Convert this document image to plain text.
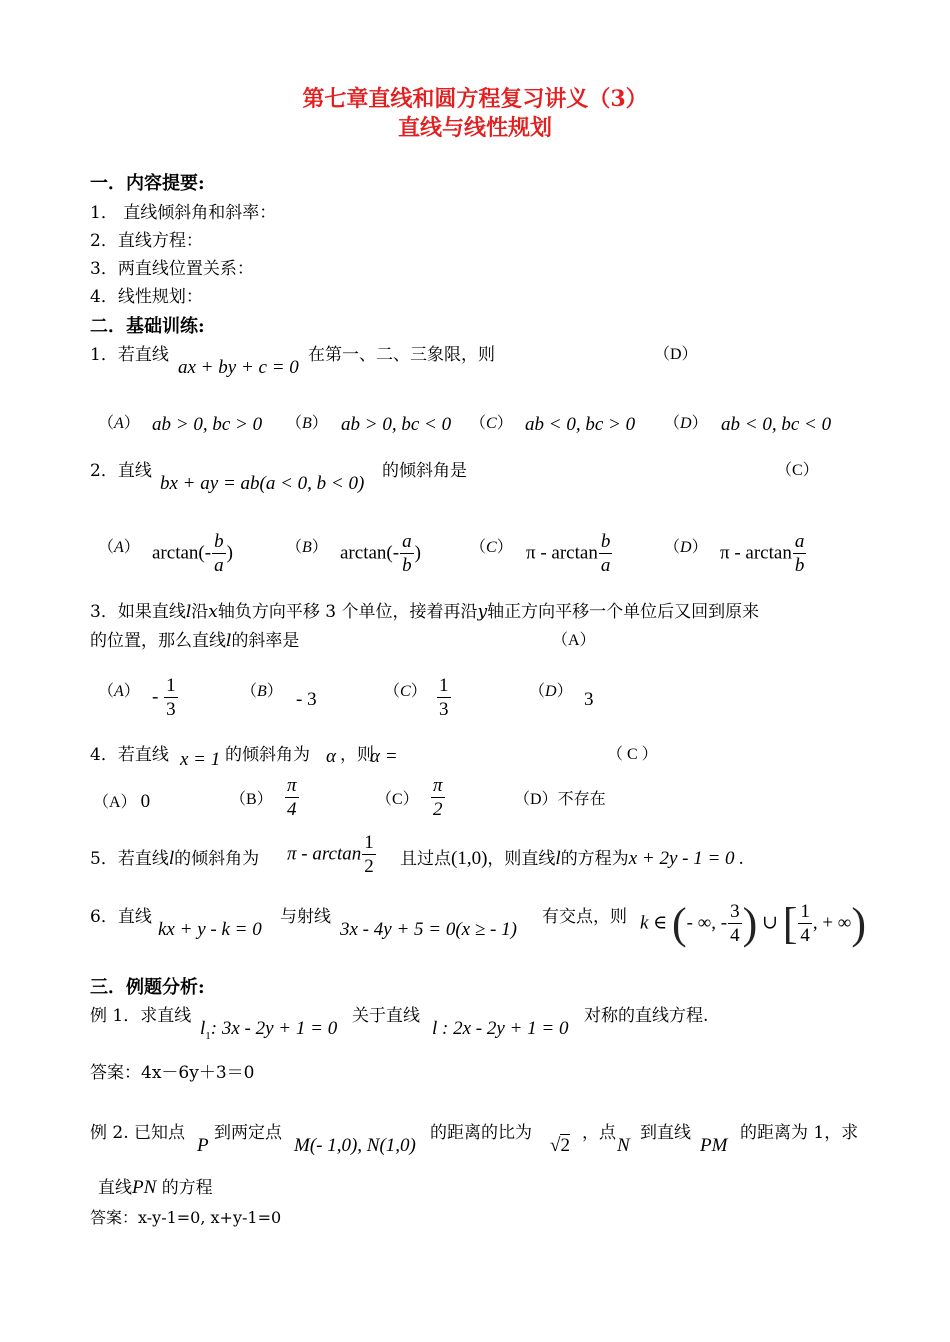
第七章直线和圆方程复习讲义（3）
直线与线性规划
一．内容提要:
1． 直线倾斜角和斜率：
2．直线方程：
3．两直线位置关系：
4．线性规划：
二．基础训练:
1．若直线
ax + by + c = 0
在第一、二、三象限，则	（D）
（A） ab > 0, bc > 0 （B） ab > 0, bc < 0 （C） ab < 0, bc > 0 （D） ab < 0, bc < 0
2．直线
bx + ay = ab(a < 0, b < 0)
的倾斜角是	（C）
（A） $\arctan(- \frac{b}{a}$ )	（B） $\arctan(- \frac{a}{b}$ )	（C） π - $\arctan \frac{b}{a}$	（D） π - $\arctan \frac{a}{b}$
3．如果直线l沿x轴负方向平移 3 个单位，接着再沿y轴正方向平移一个单位后又回到原来
的位置，那么直线l的斜率是	（A）
$(A) - \frac{1}{3}$	（B） - 3	$(C) \frac{1}{3}$	（D） 3
4．若直线 x = 1 的倾斜角为 α ，则
α =	（ C ）
（A） 0	$(B) \frac{\pi}{4}$	$(C) \frac{\pi}{2}$	（D）不存在
5．若直线l的倾斜角为 π - $\arctan \frac{1}{2}$ 且过点(1,0)，则直线l的方程为x + 2y - 1 = 0 .
6．直线
kx + y - k = 0
与射线
3x - 4y + 5 = 0(x ≥ - 1)
有交点，则 k ∈ (- ∞, - $\frac{3}{4}$ ) ∪ [ $\frac{1}{4}$ , + ∞)
三．例题分析:
例 1．求直线
$l_1$: 3x - 2y + 1 = 0
关于直线
l : 2x - 2y + 1 = 0
对称的直线方程.
答案：4x－6y＋3＝0
例 2. 已知点
P
到两定点
M(- 1,0), N(1,0)
的距离的比为
√2
，点
N
到直线
PM
的距离为 1，求
直线PN 的方程
答案：x-y-1=0, x+y-1=0
